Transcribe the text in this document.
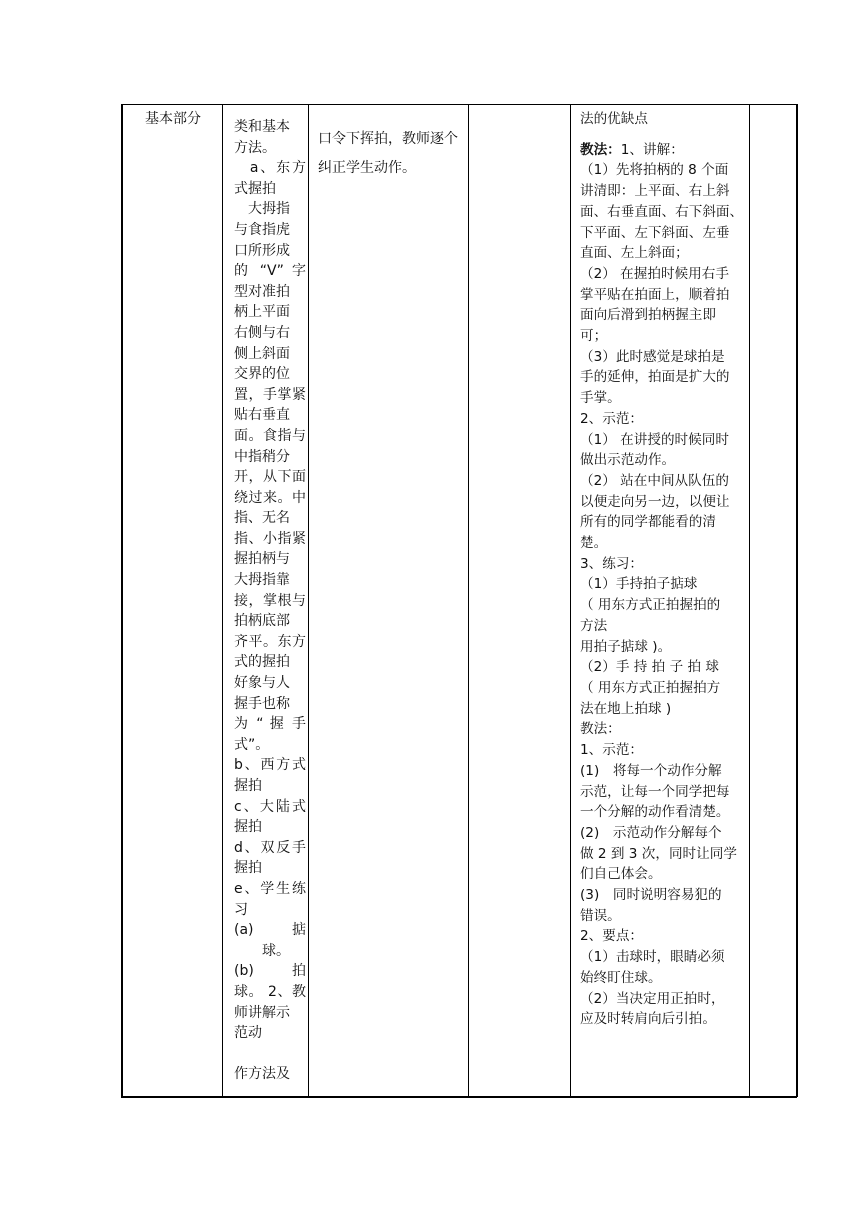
基本部分	类和基本

方法。

　a、东方

式握拍

　大拇指

与食指虎

口所形成

的 “V” 字

型对准拍

柄上平面

右侧与右

侧上斜面

交界的位

置，手掌紧

贴右垂直

面。食指与

中指稍分

开，从下面

绕过来。中

指、无名

指、小指紧

握拍柄与

大拇指靠

接，掌根与

拍柄底部

齐平。东方

式的握拍

好象与人

握手也称

为 “ 握 手

式”。

b、西方式

握拍

c、大陆式

握拍

d、双反手

握拍

e、学生练

习

(a)　 掂

　　球。

(b)　 拍

球。 2、教

师讲解示

范动

作方法及

口令下挥拍，教师逐个

纠正学生动作。

法的优缺点

教法：1、讲解：

（1）先将拍柄的 8 个面

讲清即：上平面、右上斜

面、右垂直面、右下斜面、

下平面、左下斜面、左垂

直面、左上斜面；

（2） 在握拍时候用右手

掌平贴在拍面上，顺着拍

面向后滑到拍柄握主即

可；

（3）此时感觉是球拍是

手的延伸，拍面是扩大的

手掌。

2、示范：

（1） 在讲授的时候同时

做出示范动作。

（2） 站在中间从队伍的

以便走向另一边，以便让

所有的同学都能看的清

楚。

3、练习：

（1）手持拍子掂球

（ 用东方式正拍握拍的

方法

用拍子掂球 )。

（2）手 持 拍 子 拍 球

（ 用东方式正拍握拍方

法在地上拍球 )

教法：

1、示范：

(1)　将每一个动作分解

示范，让每一个同学把每

一个分解的动作看清楚。

(2)　示范动作分解每个

做 2 到 3 次，同时让同学

们自己体会。

(3)　同时说明容易犯的

错误。

2、要点：

（1）击球时，眼睛必须

始终盯住球。

（2）当决定用正拍时，

应及时转肩向后引拍。
